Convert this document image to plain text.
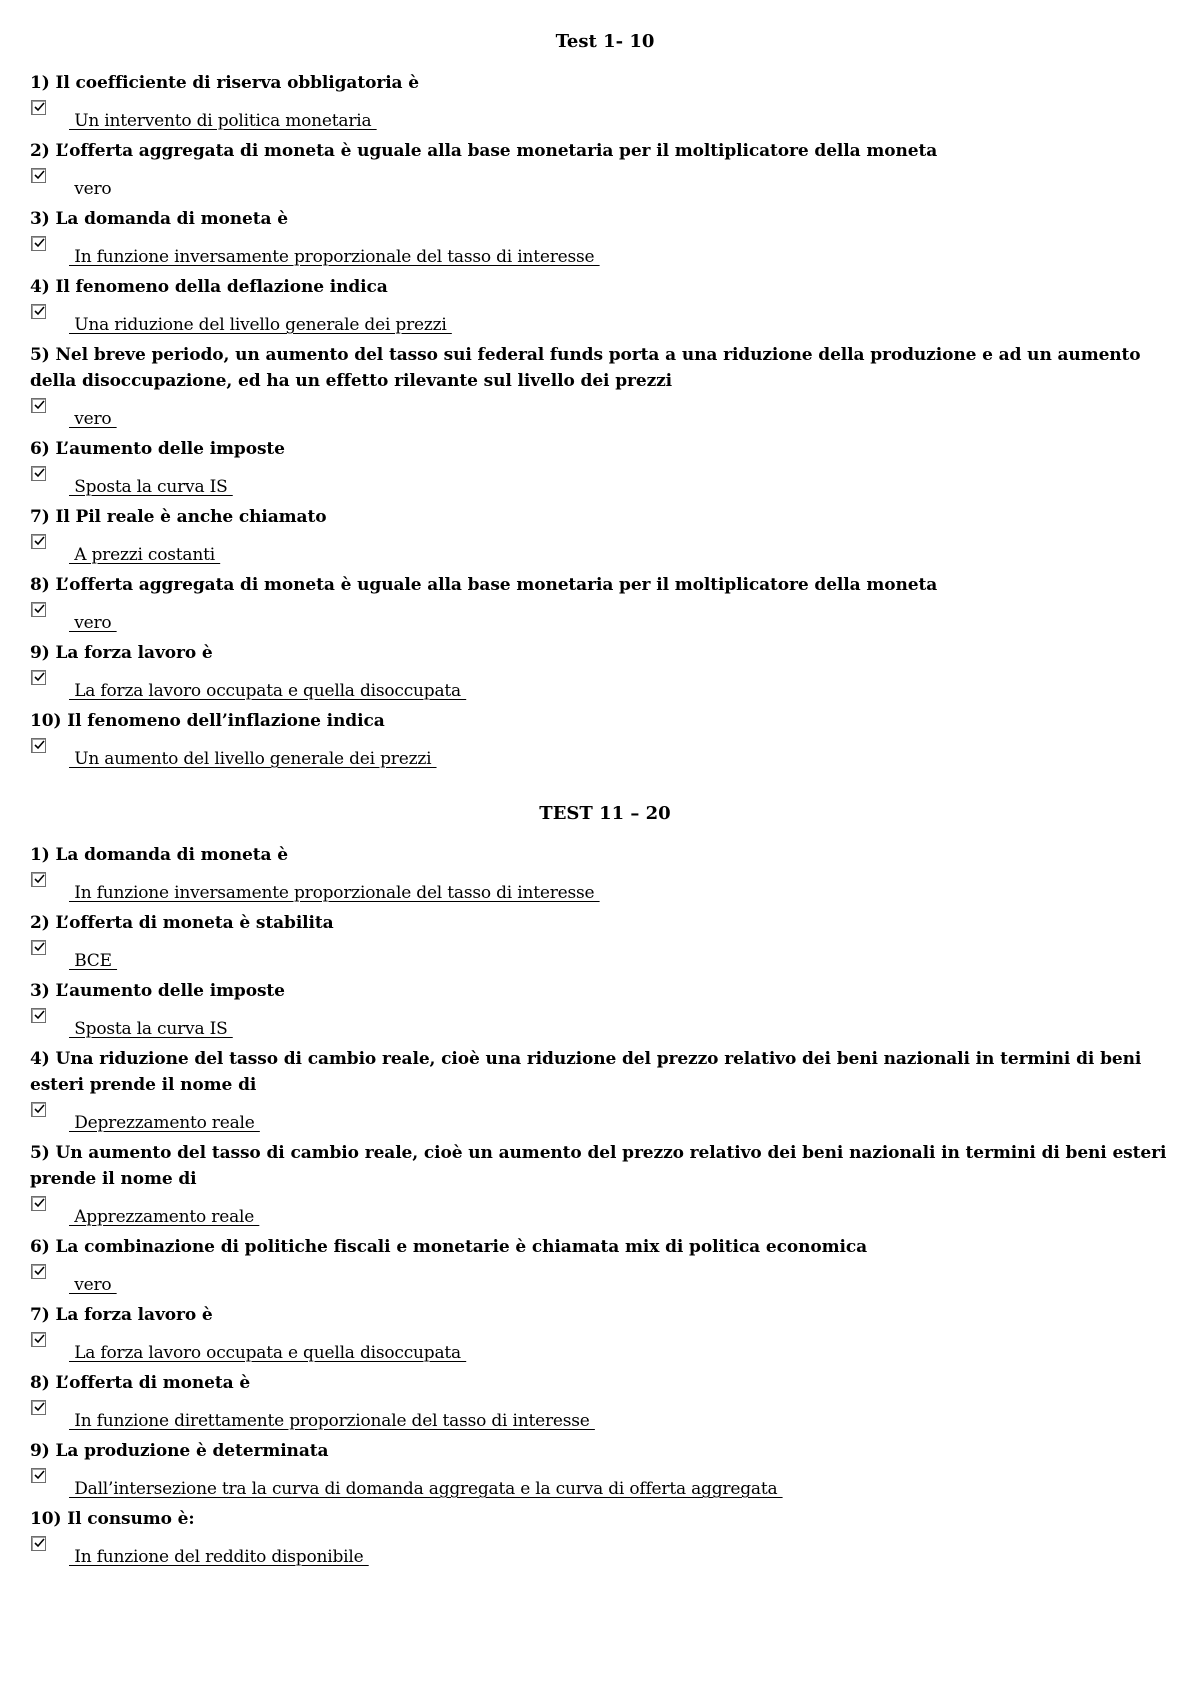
Test 1- 10

1) Il coefficiente di riserva obbligatoria è
Un intervento di politica monetaria
2) L’offerta aggregata di moneta è uguale alla base monetaria per il moltiplicatore della moneta
vero
3) La domanda di moneta è
In funzione inversamente proporzionale del tasso di interesse
4) Il fenomeno della deflazione indica
Una riduzione del livello generale dei prezzi
5) Nel breve periodo, un aumento del tasso sui federal funds porta a una riduzione della produzione e ad un aumento della disoccupazione, ed ha un effetto rilevante sul livello dei prezzi
vero
6) L’aumento delle imposte
Sposta la curva IS
7) Il Pil reale è anche chiamato
A prezzi costanti
8) L’offerta aggregata di moneta è uguale alla base monetaria per il moltiplicatore della moneta
vero
9) La forza lavoro è
La forza lavoro occupata e quella disoccupata
10) Il fenomeno dell’inflazione indica
Un aumento del livello generale dei prezzi

TEST 11 – 20

1) La domanda di moneta è
In funzione inversamente proporzionale del tasso di interesse
2) L’offerta di moneta è stabilita
BCE
3) L’aumento delle imposte
Sposta la curva IS
4) Una riduzione del tasso di cambio reale, cioè una riduzione del prezzo relativo dei beni nazionali in termini di beni esteri prende il nome di
Deprezzamento reale
5) Un aumento del tasso di cambio reale, cioè un aumento del prezzo relativo dei beni nazionali in termini di beni esteri prende il nome di
Apprezzamento reale
6) La combinazione di politiche fiscali e monetarie è chiamata mix di politica economica
vero
7) La forza lavoro è
La forza lavoro occupata e quella disoccupata
8) L’offerta di moneta è
In funzione direttamente proporzionale del tasso di interesse
9) La produzione è determinata
Dall’intersezione tra la curva di domanda aggregata e la curva di offerta aggregata
10) Il consumo è:
In funzione del reddito disponibile
